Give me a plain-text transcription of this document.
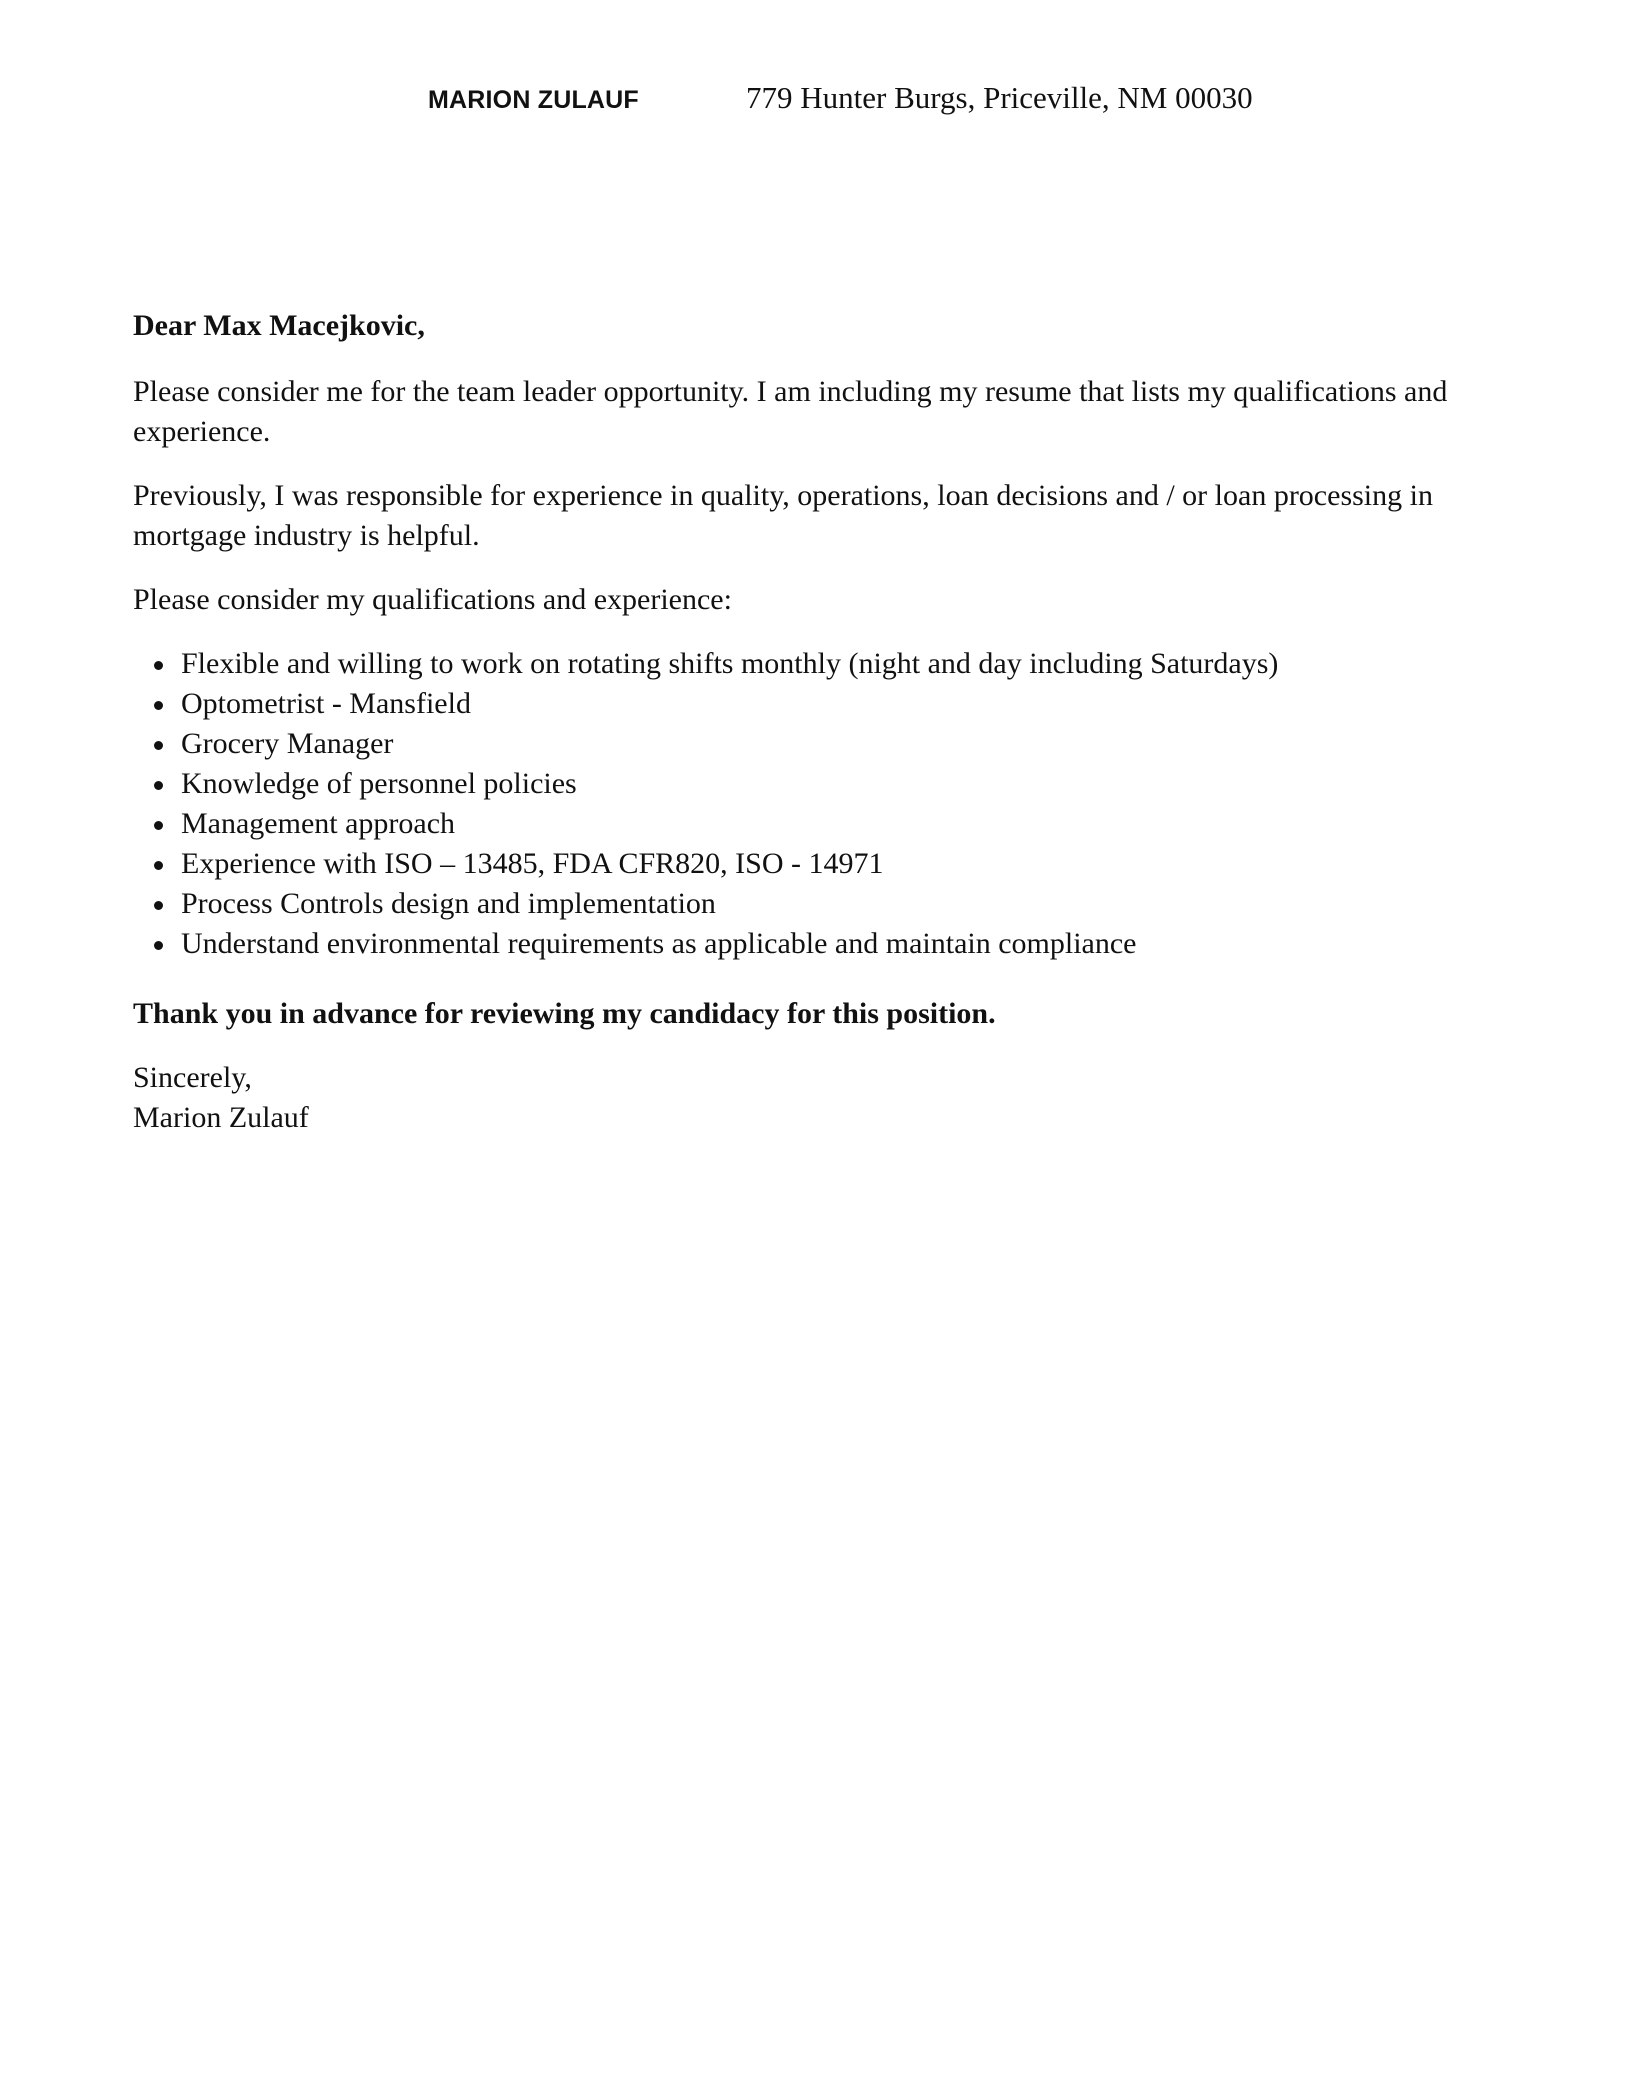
MARION ZULAUF	779 Hunter Burgs, Priceville, NM 00030

Dear Max Macejkovic,

Please consider me for the team leader opportunity. I am including my resume that lists my qualifications and experience.

Previously, I was responsible for experience in quality, operations, loan decisions and / or loan processing in mortgage industry is helpful.

Please consider my qualifications and experience:

Flexible and willing to work on rotating shifts monthly (night and day including Saturdays)
Optometrist - Mansfield
Grocery Manager
Knowledge of personnel policies
Management approach
Experience with ISO – 13485, FDA CFR820, ISO - 14971
Process Controls design and implementation
Understand environmental requirements as applicable and maintain compliance

Thank you in advance for reviewing my candidacy for this position.

Sincerely,
Marion Zulauf
